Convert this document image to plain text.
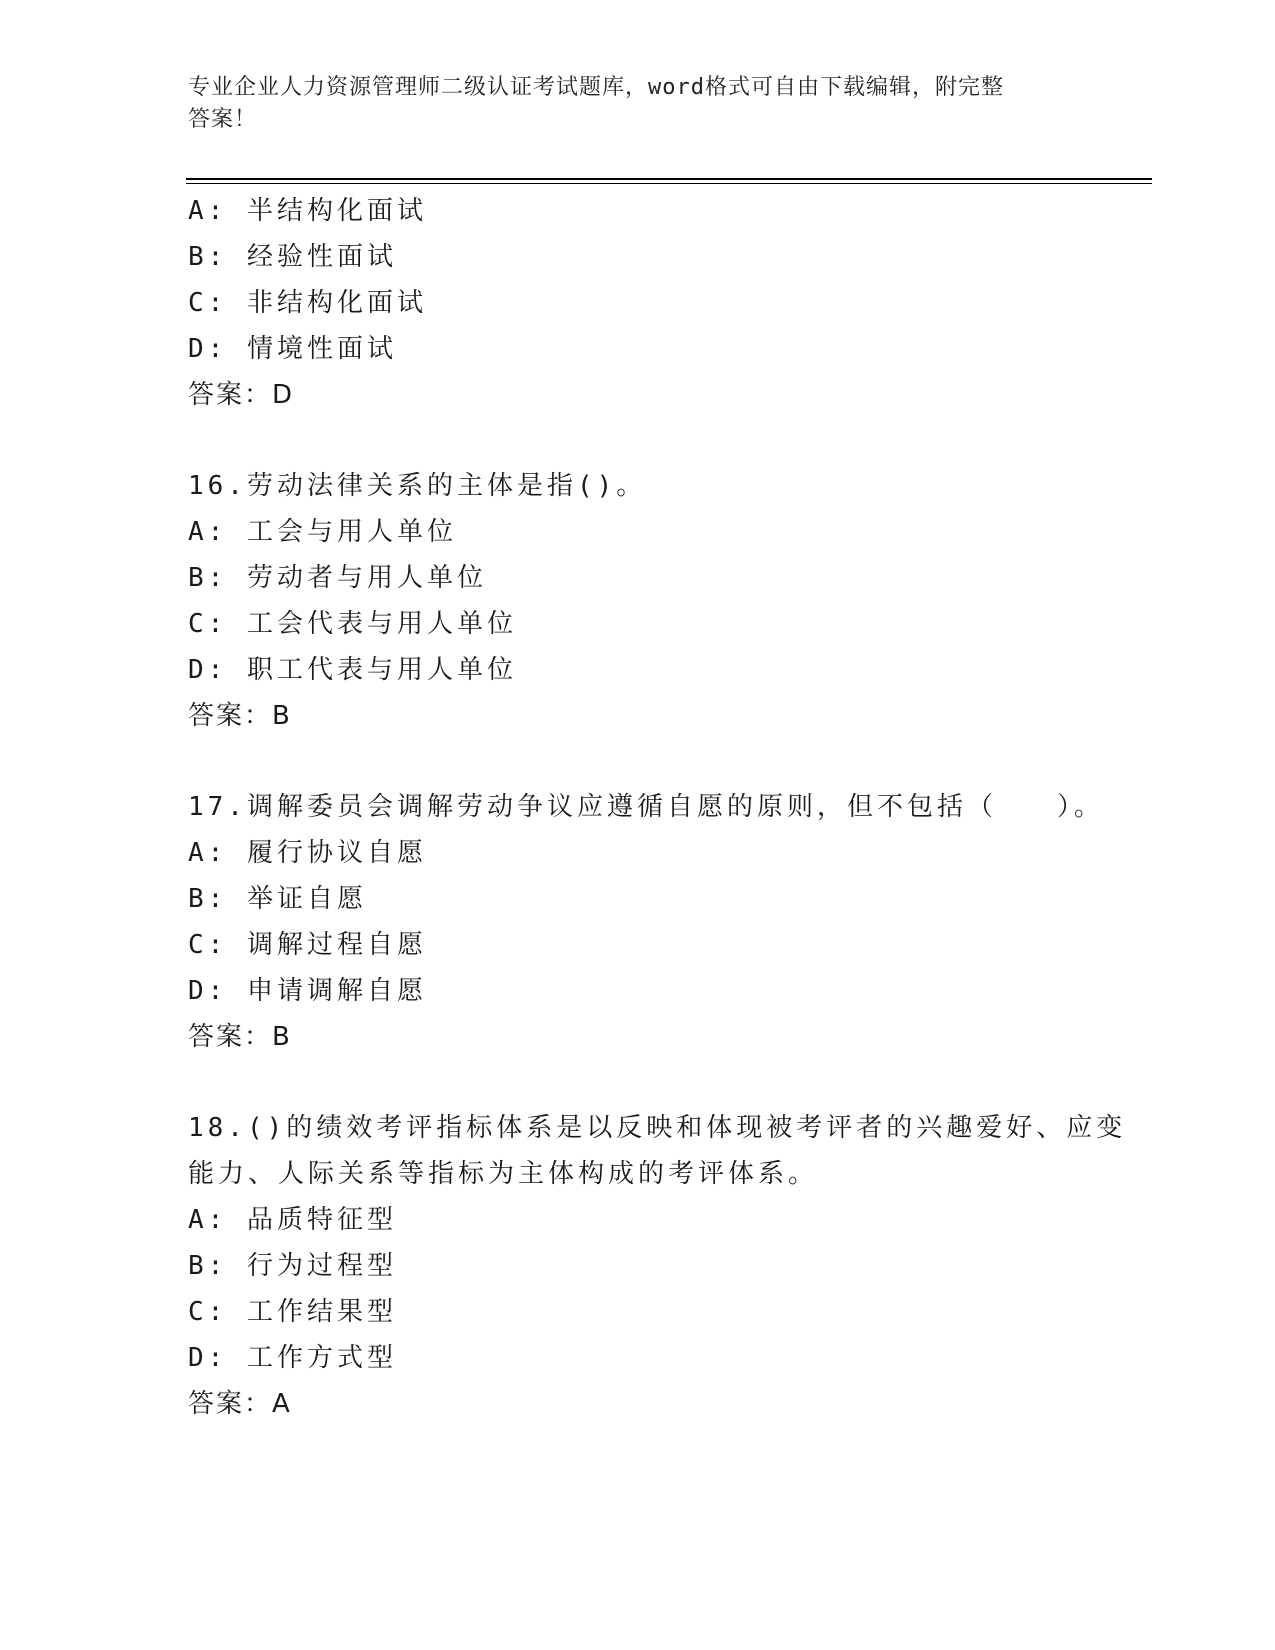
专业企业人力资源管理师二级认证考试题库，word格式可自由下载编辑，附完整
答案！
A: 半结构化面试
B: 经验性面试
C: 非结构化面试
D: 情境性面试
答案：D
16.劳动法律关系的主体是指()。
A: 工会与用人单位
B: 劳动者与用人单位
C: 工会代表与用人单位
D: 职工代表与用人单位
答案：B
17.调解委员会调解劳动争议应遵循自愿的原则，但不包括（　　）。
A: 履行协议自愿
B: 举证自愿
C: 调解过程自愿
D: 申请调解自愿
答案：B
18.()的绩效考评指标体系是以反映和体现被考评者的兴趣爱好、应变
能力、人际关系等指标为主体构成的考评体系。
A: 品质特征型
B: 行为过程型
C: 工作结果型
D: 工作方式型
答案：A
